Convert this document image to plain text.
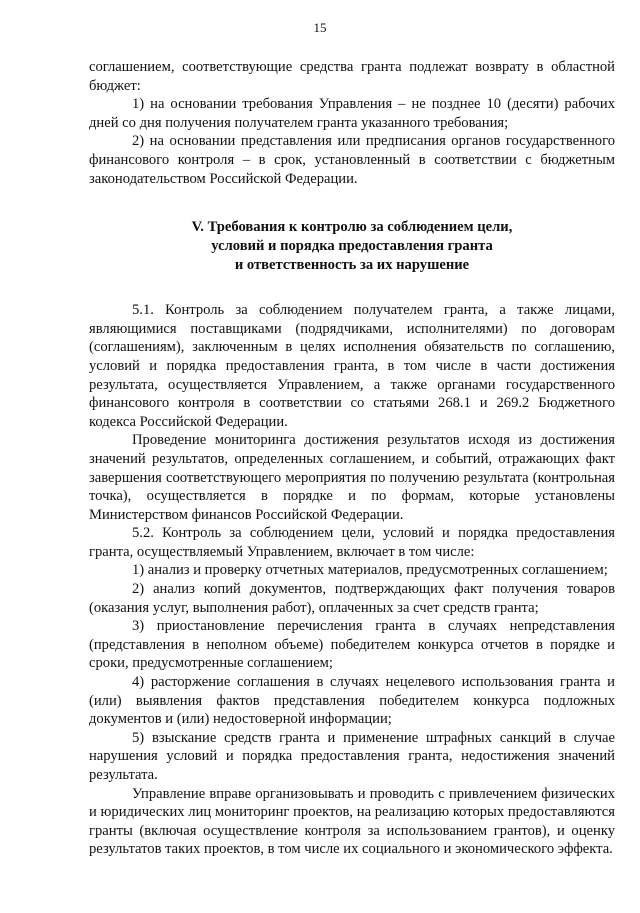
15

соглашением, соответствующие средства гранта подлежат возврату в областной бюджет:

1) на основании требования Управления – не позднее 10 (десяти) рабочих дней со дня получения получателем гранта указанного требования;

2) на основании представления или предписания органов государственного финансового контроля – в срок, установленный в соответствии с бюджетным законодательством Российской Федерации.

V. Требования к контролю за соблюдением цели,
условий и порядка предоставления гранта
и ответственность за их нарушение

5.1. Контроль за соблюдением получателем гранта, а также лицами, являющимися поставщиками (подрядчиками, исполнителями) по договорам (соглашениям), заключенным в целях исполнения обязательств по соглашению, условий и порядка предоставления гранта, в том числе в части достижения результата, осуществляется Управлением, а также органами государственного финансового контроля в соответствии со статьями 268.1 и 269.2 Бюджетного кодекса Российской Федерации.

Проведение мониторинга достижения результатов исходя из достижения значений результатов, определенных соглашением, и событий, отражающих факт завершения соответствующего мероприятия по получению результата (контрольная точка), осуществляется в порядке и по формам, которые установлены Министерством финансов Российской Федерации.

5.2. Контроль за соблюдением цели, условий и порядка предоставления гранта, осуществляемый Управлением, включает в том числе:

1) анализ и проверку отчетных материалов, предусмотренных соглашением;

2) анализ копий документов, подтверждающих факт получения товаров (оказания услуг, выполнения работ), оплаченных за счет средств гранта;

3) приостановление перечисления гранта в случаях непредставления (представления в неполном объеме) победителем конкурса отчетов в порядке и сроки, предусмотренные соглашением;

4) расторжение соглашения в случаях нецелевого использования гранта и (или) выявления фактов представления победителем конкурса подложных документов и (или) недостоверной информации;

5) взыскание средств гранта и применение штрафных санкций в случае нарушения условий и порядка предоставления гранта, недостижения значений результата.

Управление вправе организовывать и проводить с привлечением физических и юридических лиц мониторинг проектов, на реализацию которых предоставляются гранты (включая осуществление контроля за использованием грантов), и оценку результатов таких проектов, в том числе их социального и экономического эффекта.
